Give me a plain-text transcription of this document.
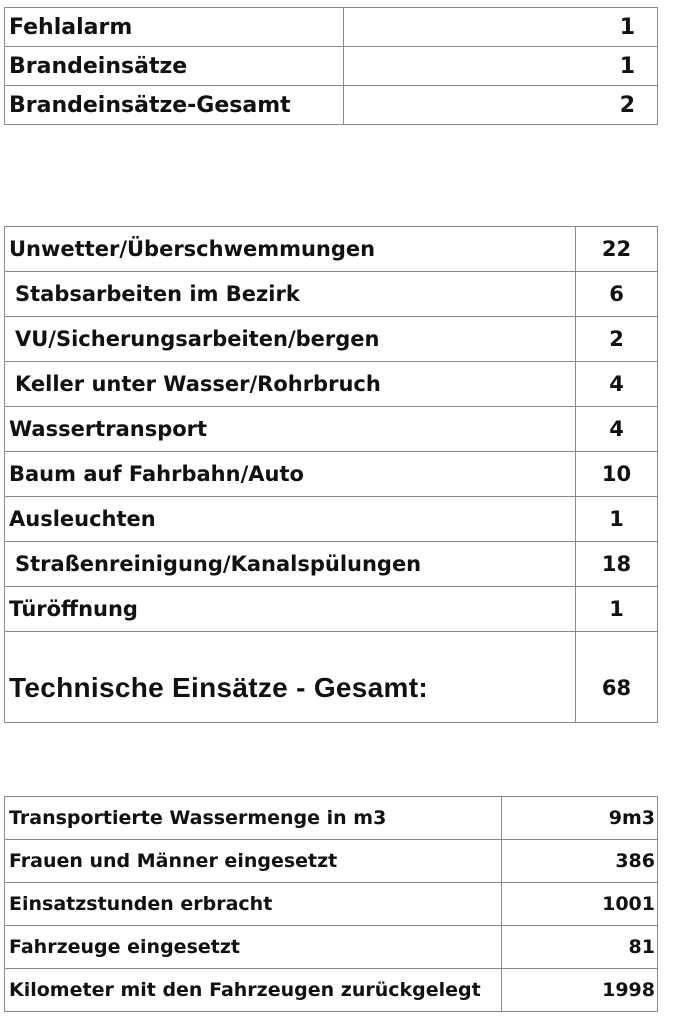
Fehlalarm	1
Brandeinsätze	1
Brandeinsätze-Gesamt	2
Unwetter/Überschwemmungen	22
Stabsarbeiten im Bezirk	6
VU/Sicherungsarbeiten/bergen	2
Keller unter Wasser/Rohrbruch	4
Wassertransport	4
Baum auf Fahrbahn/Auto	10
Ausleuchten	1
Straßenreinigung/Kanalspülungen	18
Türöffnung	1
Technische Einsätze - Gesamt:	68
Transportierte Wassermenge in m3	9m3
Frauen und Männer eingesetzt	386
Einsatzstunden erbracht	1001
Fahrzeuge eingesetzt	81
Kilometer mit den Fahrzeugen zurückgelegt	1998
